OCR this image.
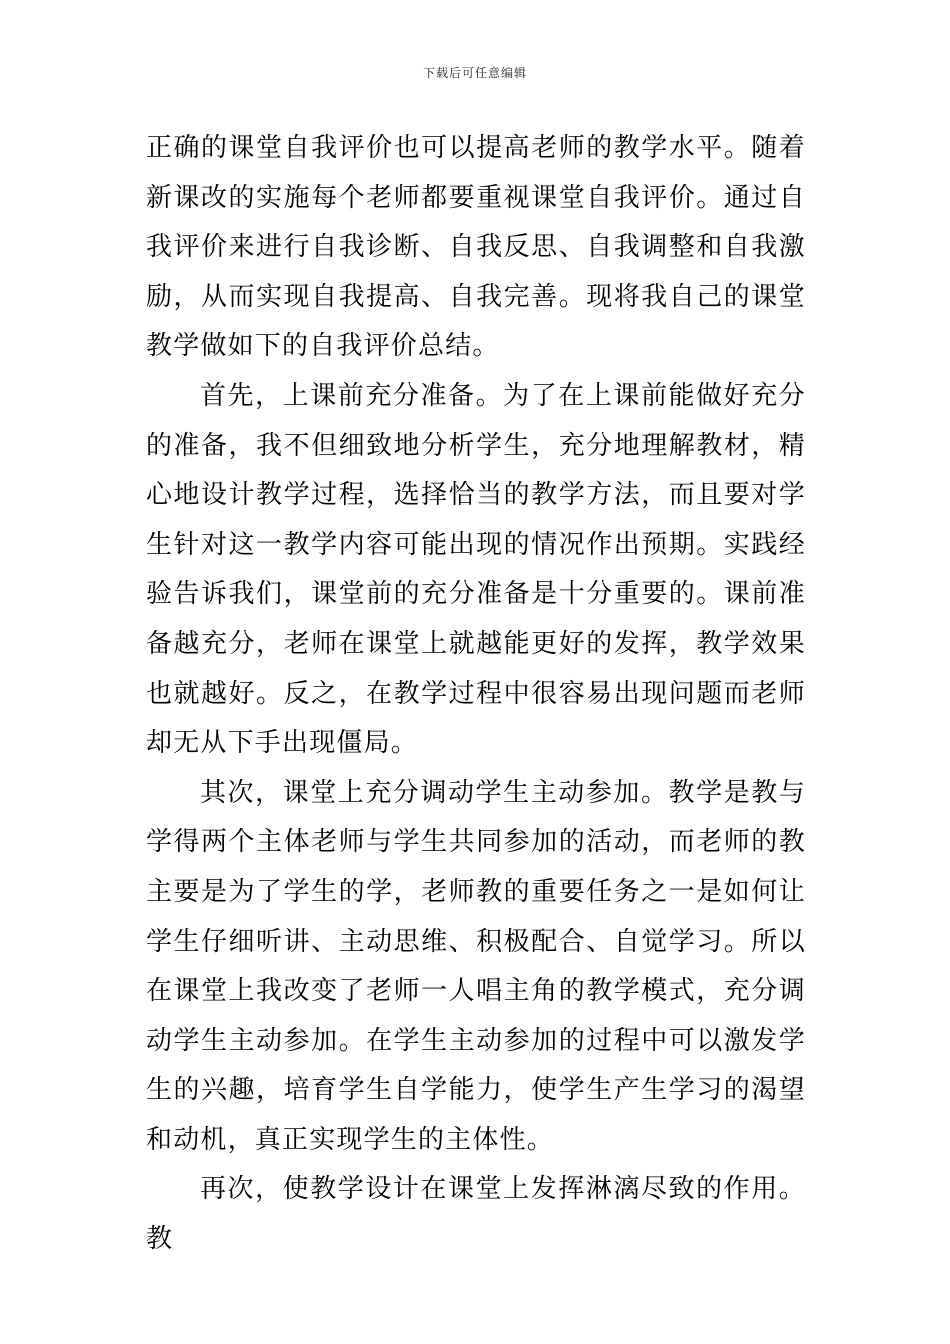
下载后可任意编辑

正确的课堂自我评价也可以提高老师的教学水平。随着新课改的实施每个老师都要重视课堂自我评价。通过自我评价来进行自我诊断、自我反思、自我调整和自我激励，从而实现自我提高、自我完善。现将我自己的课堂教学做如下的自我评价总结。

首先，上课前充分准备。为了在上课前能做好充分的准备，我不但细致地分析学生，充分地理解教材，精心地设计教学过程，选择恰当的教学方法，而且要对学生针对这一教学内容可能出现的情况作出预期。实践经验告诉我们，课堂前的充分准备是十分重要的。课前准备越充分，老师在课堂上就越能更好的发挥，教学效果也就越好。反之，在教学过程中很容易出现问题而老师却无从下手出现僵局。

其次，课堂上充分调动学生主动参加。教学是教与学得两个主体老师与学生共同参加的活动，而老师的教主要是为了学生的学，老师教的重要任务之一是如何让学生仔细听讲、主动思维、积极配合、自觉学习。所以在课堂上我改变了老师一人唱主角的教学模式，充分调动学生主动参加。在学生主动参加的过程中可以激发学生的兴趣，培育学生自学能力，使学生产生学习的渴望和动机，真正实现学生的主体性。

再次，使教学设计在课堂上发挥淋漓尽致的作用。教
